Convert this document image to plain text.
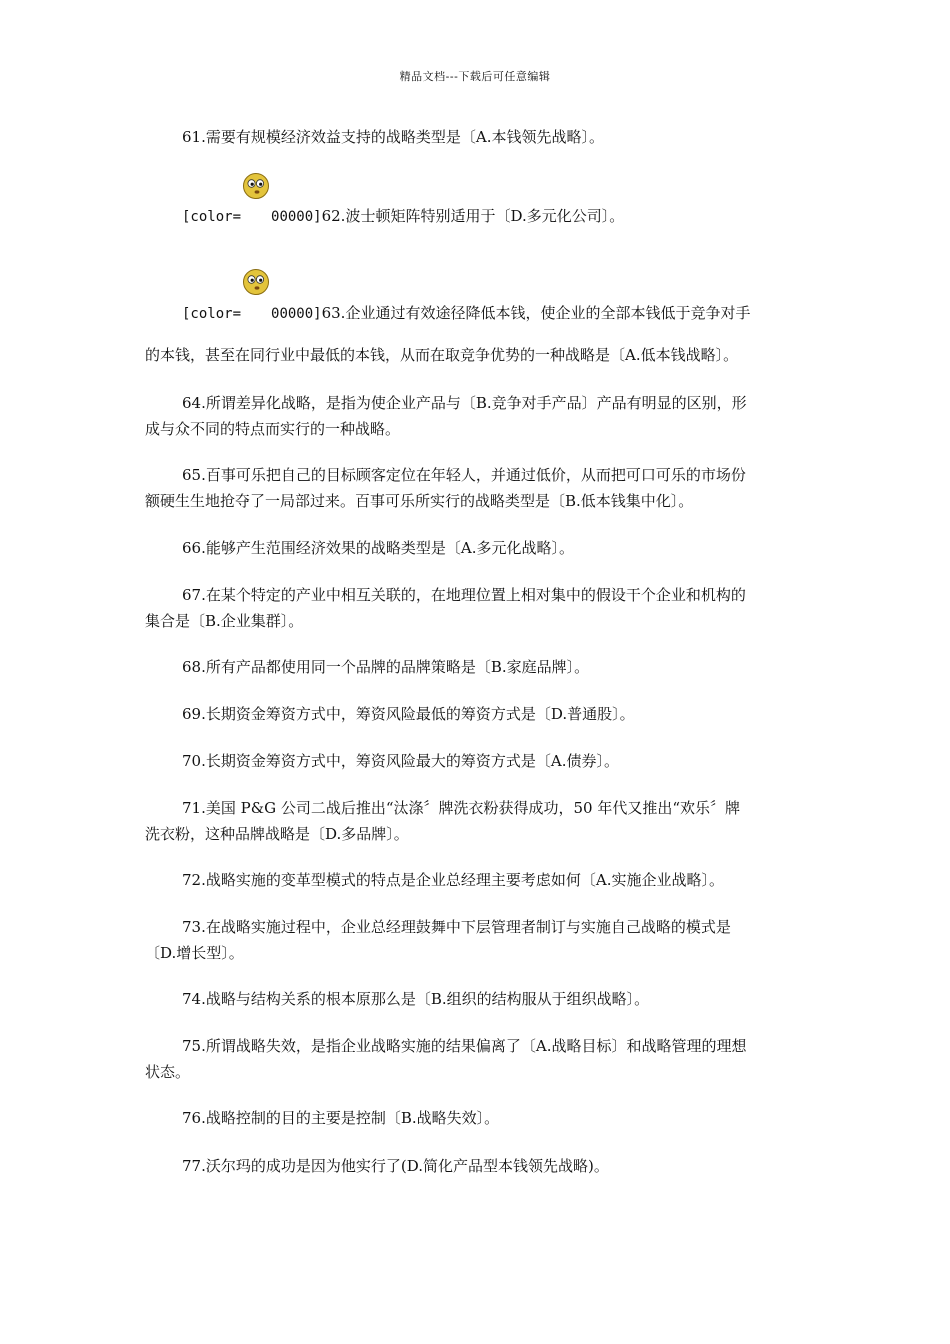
精品文档---下载后可任意编辑

61.需要有规模经济效益支持的战略类型是〔A.本钱领先战略〕。

[color= 00000]62.波士顿矩阵特别适用于〔D.多元化公司〕。
[color= 00000]63.企业通过有效途径降低本钱，使企业的全部本钱低于竞争对手
的本钱，甚至在同行业中最低的本钱，从而在取竞争优势的一种战略是〔A.低本钱战略〕。

64.所谓差异化战略，是指为使企业产品与〔B.竞争对手产品〕产品有明显的区别，形
成与众不同的特点而实行的一种战略。

65.百事可乐把自己的目标顾客定位在年轻人，并通过低价，从而把可口可乐的市场份
额硬生生地抢夺了一局部过来。百事可乐所实行的战略类型是〔B.低本钱集中化〕。

66.能够产生范围经济效果的战略类型是〔A.多元化战略〕。

67.在某个特定的产业中相互关联的，在地理位置上相对集中的假设干个企业和机构的
集合是〔B.企业集群〕。

68.所有产品都使用同一个品牌的品牌策略是〔B.家庭品牌〕。

69.长期资金筹资方式中，筹资风险最低的筹资方式是〔D.普通股〕。

70.长期资金筹资方式中，筹资风险最大的筹资方式是〔A.债券〕。

71.美国 P&G 公司二战后推出“汰涤〞牌洗衣粉获得成功，50 年代又推出“欢乐〞牌
洗衣粉，这种品牌战略是〔D.多品牌〕。

72.战略实施的变革型模式的特点是企业总经理主要考虑如何〔A.实施企业战略〕。

73.在战略实施过程中，企业总经理鼓舞中下层管理者制订与实施自己战略的模式是
〔D.增长型〕。

74.战略与结构关系的根本原那么是〔B.组织的结构服从于组织战略〕。

75.所谓战略失效，是指企业战略实施的结果偏离了〔A.战略目标〕和战略管理的理想
状态。

76.战略控制的目的主要是控制〔B.战略失效〕。

77.沃尔玛的成功是因为他实行了(D.简化产品型本钱领先战略)。
